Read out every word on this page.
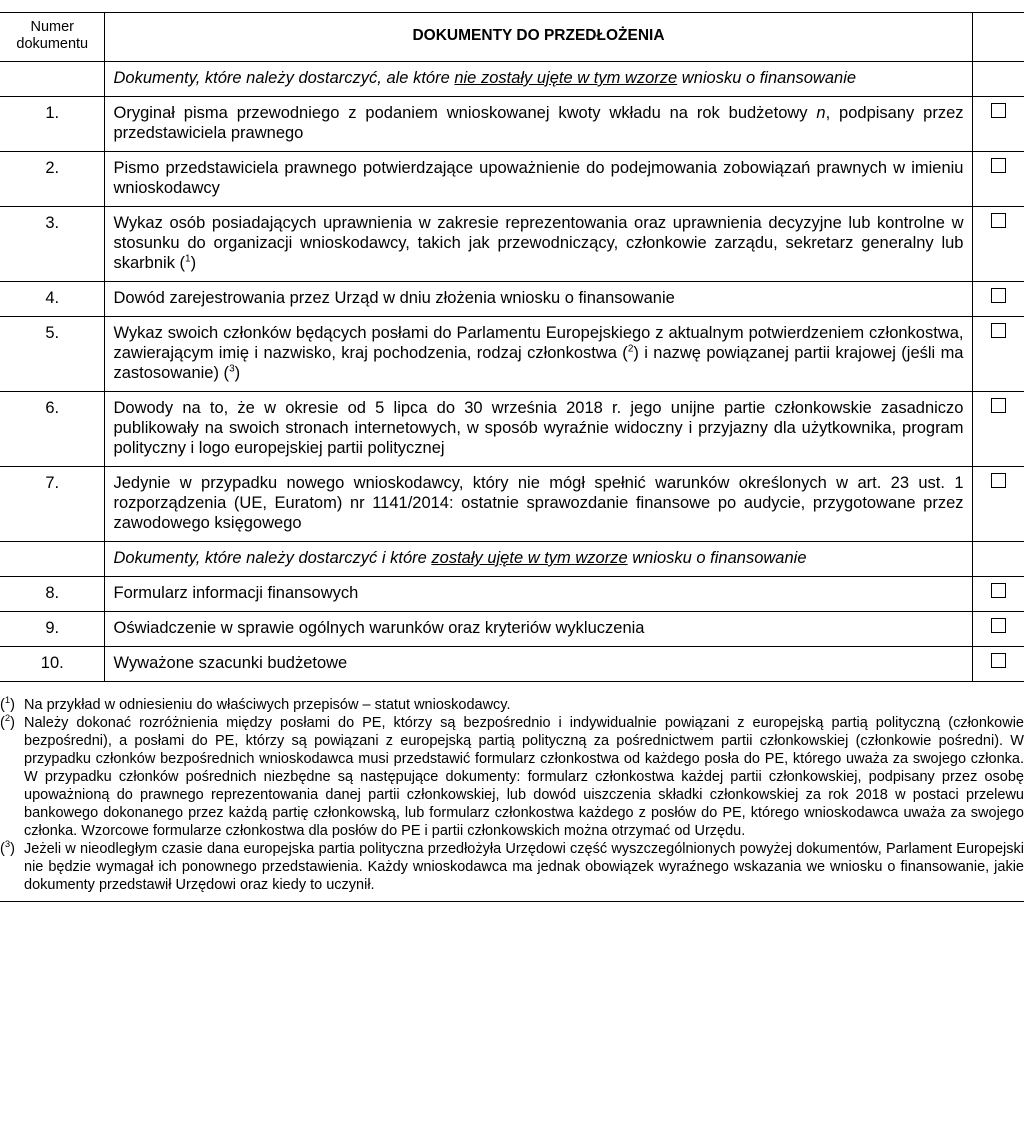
Numer dokumentu	DOKUMENTY DO PRZEDŁOŻENIA	
	Dokumenty, które należy dostarczyć, ale które nie zostały ujęte w tym wzorze wniosku o finansowanie	
1.	Oryginał pisma przewodniego z podaniem wnioskowanej kwoty wkładu na rok budżetowy n, podpisany przez przedstawiciela prawnego	
2.	Pismo przedstawiciela prawnego potwierdzające upoważnienie do podejmowania zobowiązań prawnych w imieniu wnioskodawcy	
3.	Wykaz osób posiadających uprawnienia w zakresie reprezentowania oraz uprawnienia decyzyjne lub kontrolne w stosunku do organizacji wnioskodawcy, takich jak przewodniczący, członkowie zarządu, sekretarz generalny lub skarbnik ($^1$)	
4.	Dowód zarejestrowania przez Urząd w dniu złożenia wniosku o finansowanie	
5.	Wykaz swoich członków będących posłami do Parlamentu Europejskiego z aktualnym potwierdzeniem członkostwa, zawierającym imię i nazwisko, kraj pochodzenia, rodzaj członkostwa ($^2$) i nazwę powiązanej partii krajowej (jeśli ma zastosowanie) ($^3$)	
6.	Dowody na to, że w okresie od 5 lipca do 30 września 2018 r. jego unijne partie członkowskie zasadniczo publikowały na swoich stronach internetowych, w sposób wyraźnie widoczny i przyjazny dla użytkownika, program polityczny i logo europejskiej partii politycznej	
7.	Jedynie w przypadku nowego wnioskodawcy, który nie mógł spełnić warunków określonych w art. 23 ust. 1 rozporządzenia (UE, Euratom) nr 1141/2014: ostatnie sprawozdanie finansowe po audycie, przygotowane przez zawodowego księgowego	
	Dokumenty, które należy dostarczyć i które zostały ujęte w tym wzorze wniosku o finansowanie	
8.	Formularz informacji finansowych	
9.	Oświadczenie w sprawie ogólnych warunków oraz kryteriów wykluczenia	
10.	Wyważone szacunki budżetowe	
($^1$) Na przykład w odniesieniu do właściwych przepisów – statut wnioskodawcy.
($^2$) Należy dokonać rozróżnienia między posłami do PE, którzy są bezpośrednio i indywidualnie powiązani z europejską partią polityczną (członkowie bezpośredni), a posłami do PE, którzy są powiązani z europejską partią polityczną za pośrednictwem partii członkowskiej (członkowie pośredni). W przypadku członków bezpośrednich wnioskodawca musi przedstawić formularz członkostwa od każdego posła do PE, którego uważa za swojego członka. W przypadku członków pośrednich niezbędne są następujące dokumenty: formularz członkostwa każdej partii członkowskiej, podpisany przez osobę upoważnioną do prawnego reprezentowania danej partii członkowskiej, lub dowód uiszczenia składki członkowskiej za rok 2018 w postaci przelewu bankowego dokonanego przez każdą partię członkowską, lub formularz członkostwa każdego z posłów do PE, którego wnioskodawca uważa za swojego członka. Wzorcowe formularze członkostwa dla posłów do PE i partii członkowskich można otrzymać od Urzędu.
($^3$) Jeżeli w nieodległym czasie dana europejska partia polityczna przedłożyła Urzędowi część wyszczególnionych powyżej dokumentów, Parlament Europejski nie będzie wymagał ich ponownego przedstawienia. Każdy wnioskodawca ma jednak obowiązek wyraźnego wskazania we wniosku o finansowanie, jakie dokumenty przedstawił Urzędowi oraz kiedy to uczynił.
